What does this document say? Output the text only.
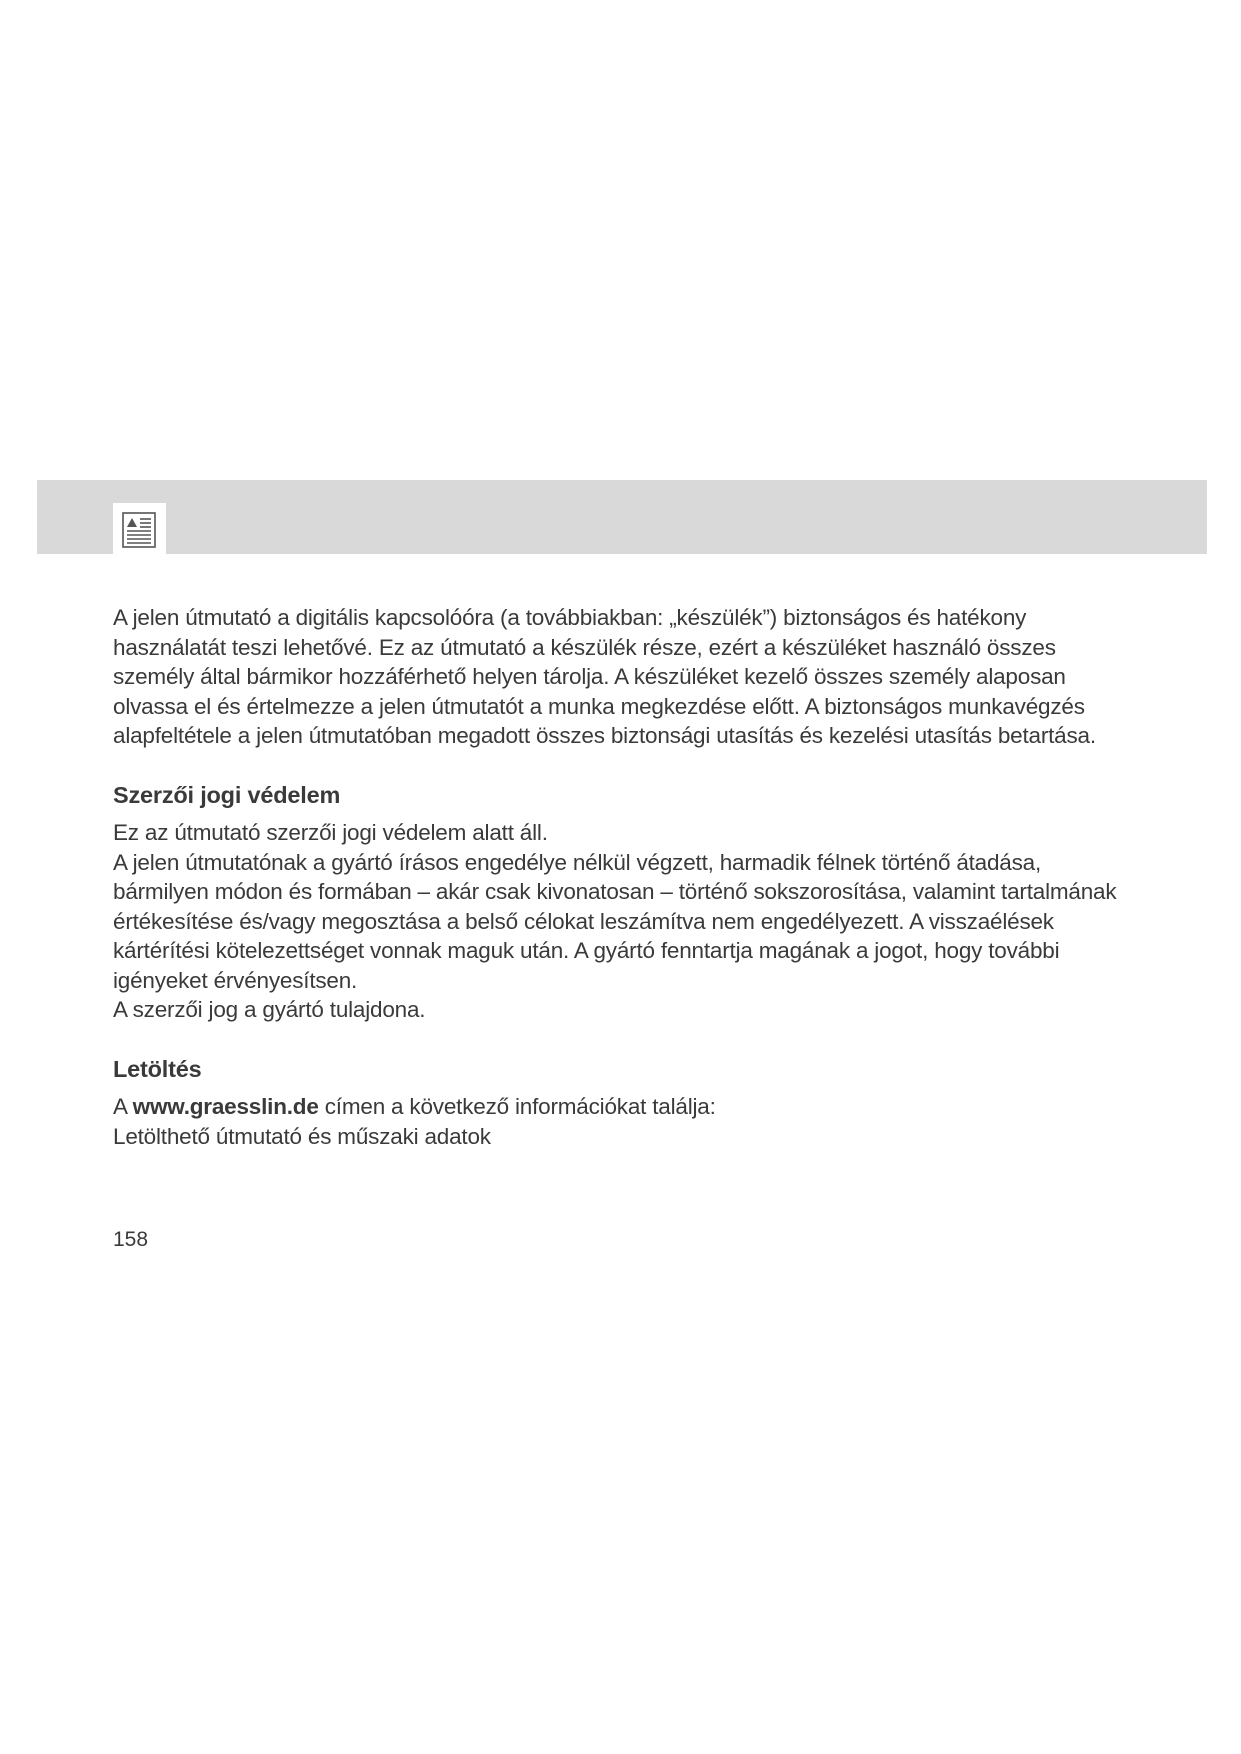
A jelen útmutató a digitális kapcsolóóra (a továbbiakban: „készülék”) biztonságos és hatékony használatát teszi lehetővé. Ez az útmutató a készülék része, ezért a készüléket használó összes személy által bármikor hozzáférhető helyen tárolja. A készüléket kezelő összes személy alaposan olvassa el és értelmezze a jelen útmutatót a munka megkezdése előtt. A biztonságos munkavégzés alapfeltétele a jelen útmutatóban megadott összes biztonsági utasítás és kezelési utasítás betartása.

Szerzői jogi védelem

Ez az útmutató szerzői jogi védelem alatt áll.

A jelen útmutatónak a gyártó írásos engedélye nélkül végzett, harmadik félnek történő átadása, bármilyen módon és formában – akár csak kivonatosan – történő sokszorosítása, valamint tartalmának értékesítése és/vagy megosztása a belső célokat leszámítva nem engedélyezett. A visszaélések kártérítési kötelezettséget vonnak maguk után. A gyártó fenntartja magának a jogot, hogy további igényeket érvényesítsen.

A szerzői jog a gyártó tulajdona.

Letöltés

A www.graesslin.de címen a következő információkat találja:

Letölthető útmutató és műszaki adatok

158
